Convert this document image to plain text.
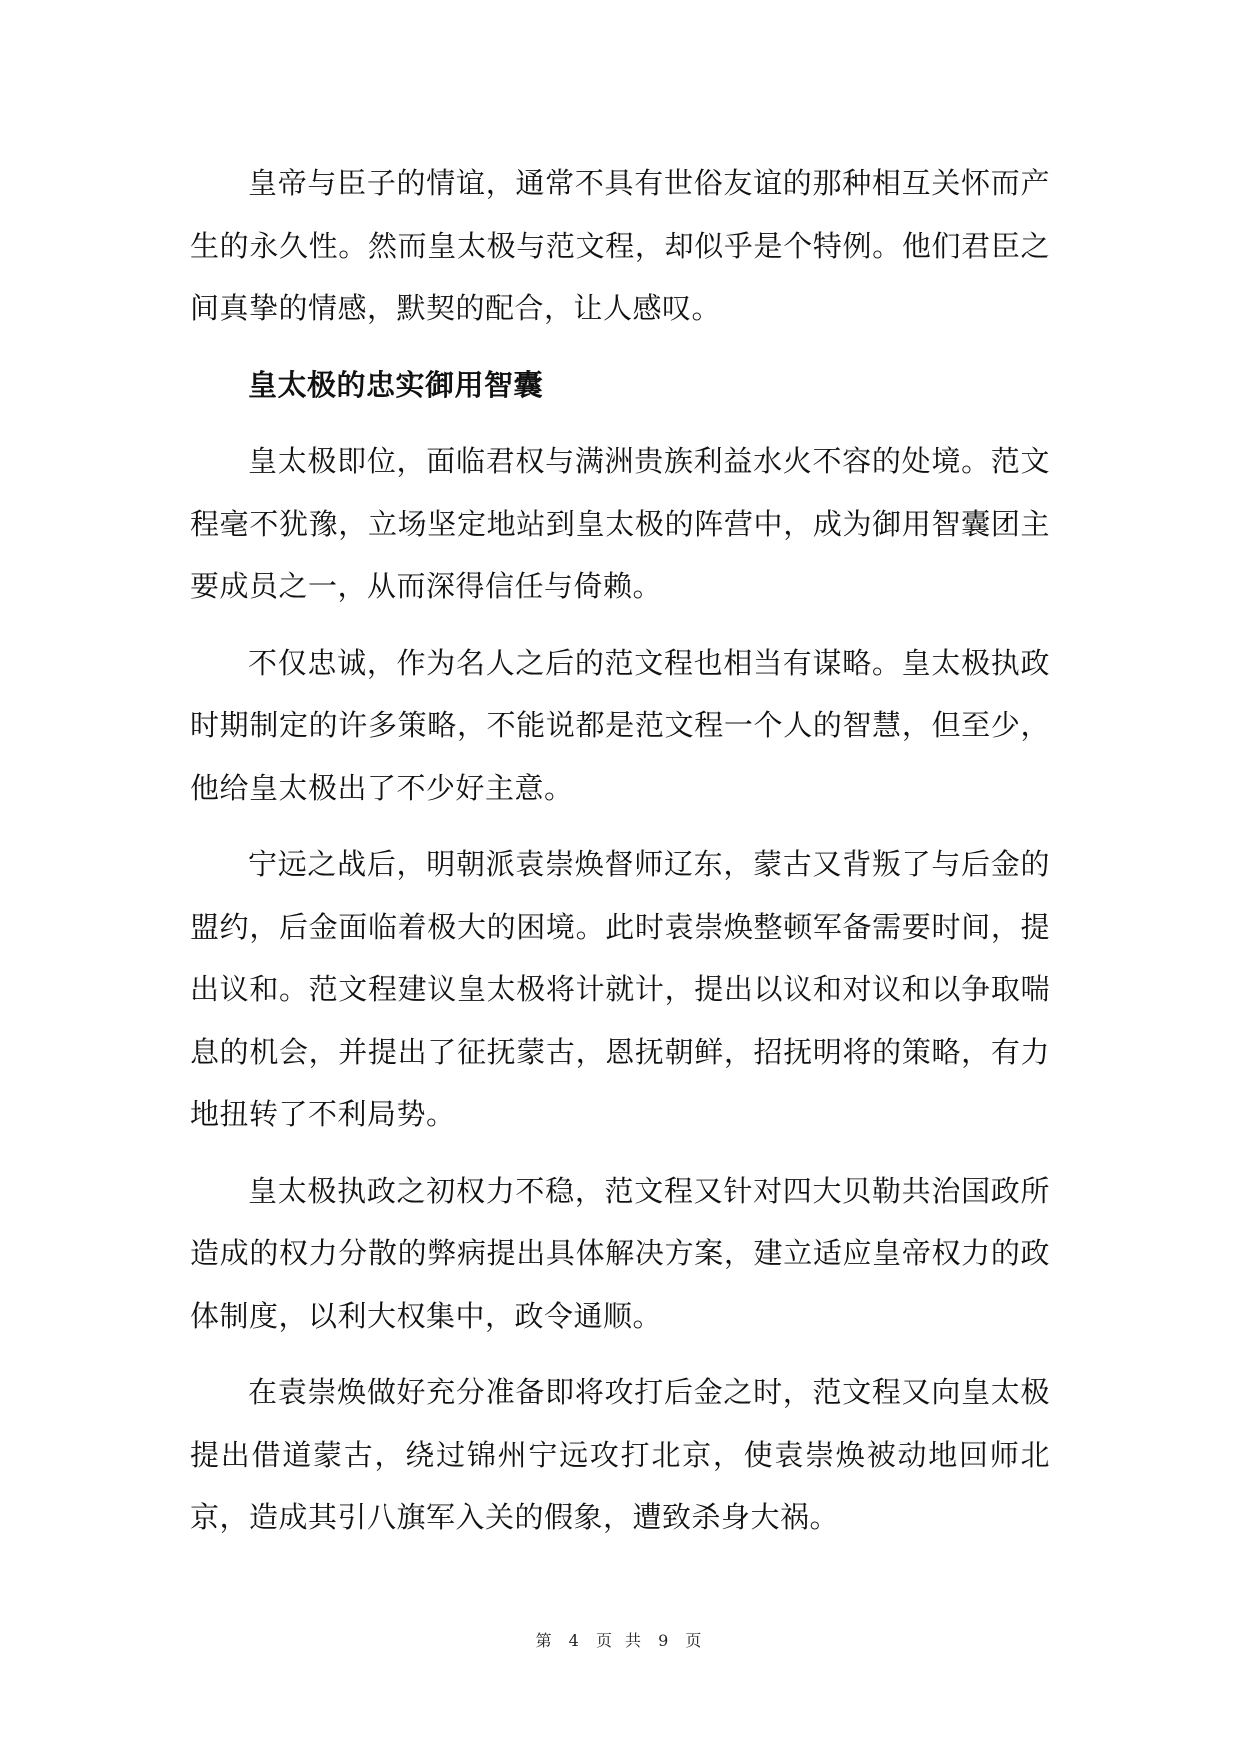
皇帝与臣子的情谊，通常不具有世俗友谊的那种相互关怀而产生的永久性。然而皇太极与范文程，却似乎是个特例。他们君臣之间真挚的情感，默契的配合，让人感叹。

皇太极的忠实御用智囊

皇太极即位，面临君权与满洲贵族利益水火不容的处境。范文程毫不犹豫，立场坚定地站到皇太极的阵营中，成为御用智囊团主要成员之一，从而深得信任与倚赖。

不仅忠诚，作为名人之后的范文程也相当有谋略。皇太极执政时期制定的许多策略，不能说都是范文程一个人的智慧，但至少，他给皇太极出了不少好主意。

宁远之战后，明朝派袁崇焕督师辽东，蒙古又背叛了与后金的盟约，后金面临着极大的困境。此时袁崇焕整顿军备需要时间，提出议和。范文程建议皇太极将计就计，提出以议和对议和以争取喘息的机会，并提出了征抚蒙古，恩抚朝鲜，招抚明将的策略，有力地扭转了不利局势。

皇太极执政之初权力不稳，范文程又针对四大贝勒共治国政所造成的权力分散的弊病提出具体解决方案，建立适应皇帝权力的政体制度，以利大权集中，政令通顺。

在袁崇焕做好充分准备即将攻打后金之时，范文程又向皇太极提出借道蒙古，绕过锦州宁远攻打北京，使袁崇焕被动地回师北京，造成其引八旗军入关的假象，遭致杀身大祸。

第 4 页 共 9 页
